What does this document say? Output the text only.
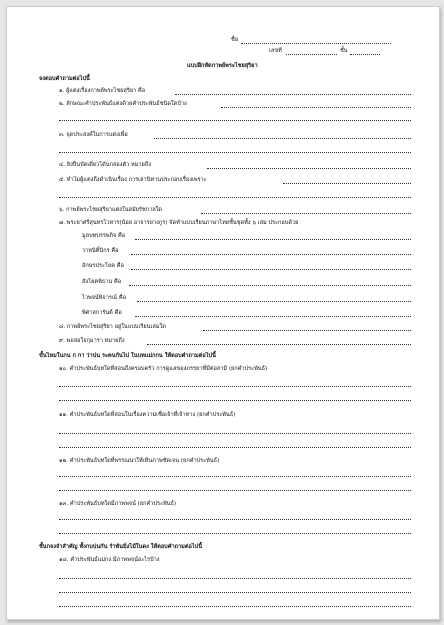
ชื่อ
เลขที่	ชั้น
แบบฝึกหัดกาพย์พระไชยสุริยา
จงตอบคำถามต่อไปนี้
๑. ผู้แต่งเรื่องกาพย์พระไชยสุริยา คือ
๒. ลักษณะคำประพันธ์แต่งด้วยคำประพันธ์ชนิดใดบ้าง
๓. จุดประสงค์ในการแต่งเพื่อ
๔. ยิงปืนบัดเดี่ยวได้นกสองตัว หมายถึง
๕. ทำไมผู้แต่งถึงดำเนินเรื่อง การเล่านิทานประกอบเรื่องเพราะ
๖. กาพย์พระไชยสุริยาแต่งในสมัยรัชกาลใด
๗. พระยาศรีสุนทรโวหาร(น้อย อาจารยางกูร) จัดทำแบบเรียนภาษาไทยชั้นชุดทั้ง ๖ เล่ม ประกอบด้วย
มูลบทบรรพกิจ คือ
วาหนิติ์นิกร คือ
อักษรประโยค คือ
สังโยคพิธาน คือ
ไวพจน์พิจารณ์ คือ
พิศาลการันต์ คือ
๘. กาพย์พระไชยสุริยา อยู่ในแบบเรียนเล่มใด
๙. พอล่อใจกุมารา หมายถึง
ขั้นไหมในกน ก กา ว่าปน ระคนกันไป ในบทแม่กกน ให้ตอบคำถามต่อไปนี้
๑๐. คำประพันธ์บทใดที่สอนถึงครอบครัว การดูแลของภรรยาที่มีต่อสามี (ยกคำประพันธ์)
๑๑. คำประพันธ์บทใดที่สอนในเรื่องความเชื่อเจ้าที่เจ้าทาง (ยกคำประพันธ์)
๑๒. คำประพันธ์บทใดที่พรรณนาให้เห็นภาพชัดเจน (ยกคำประพันธ์)
๑๓. คำประพันธ์บทใดมีภาพพจน์ (ยกคำประพันธ์)
ชั้นกจงจำสำคัญ ทั้งกบปนกัน รำพันมิ่งไม้ในดง ให้ตอบคำถามต่อไปนี้
๑๔. คำประพันธ์แม่กง มีภาพพจน์อะไรบ้าง
